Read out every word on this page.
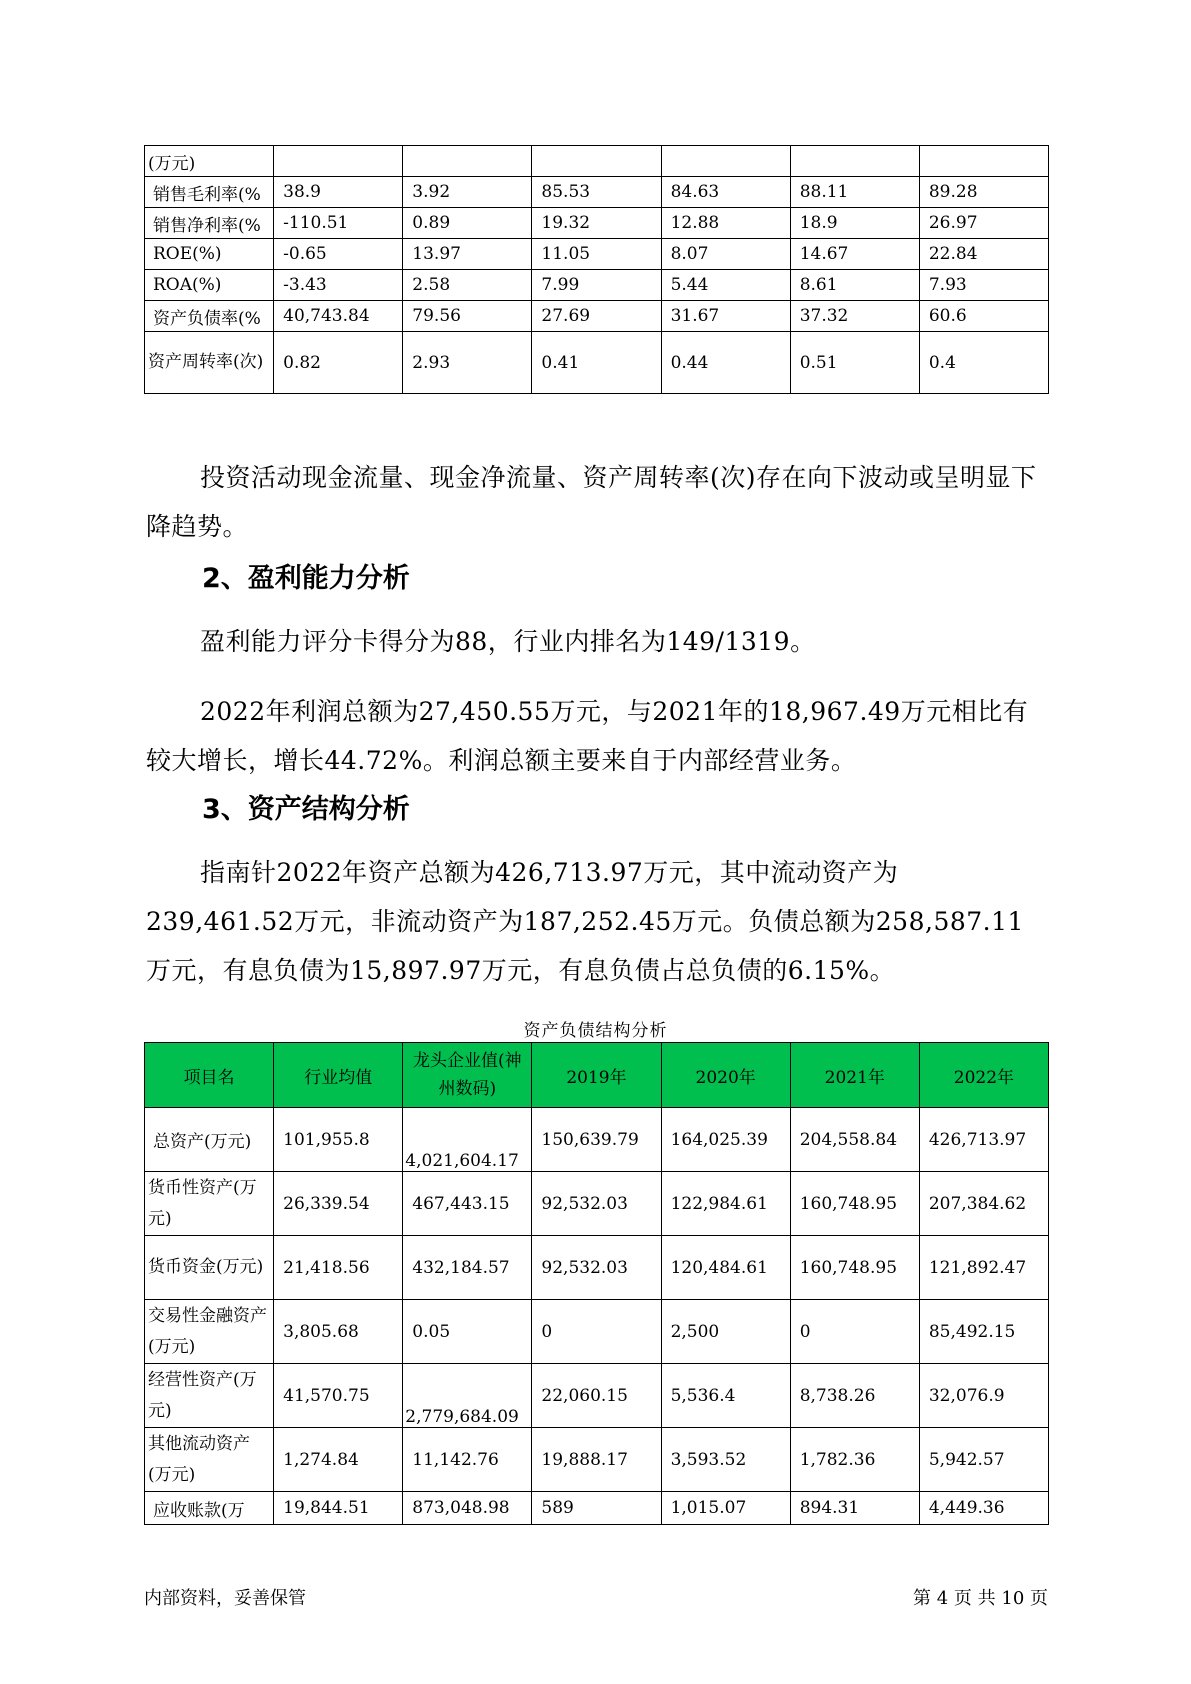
(万元)						
销售毛利率(%	38.9	3.92	85.53	84.63	88.11	89.28
销售净利率(%	-110.51	0.89	19.32	12.88	18.9	26.97
ROE(%)	-0.65	13.97	11.05	8.07	14.67	22.84
ROA(%)	-3.43	2.58	7.99	5.44	8.61	7.93
资产负债率(%	40,743.84	79.56	27.69	31.67	37.32	60.6
资产周转率(次)	0.82	2.93	0.41	0.44	0.51	0.4

投资活动现金流量、现金净流量、资产周转率(次)存在向下波动或呈明显下降趋势。

2、盈利能力分析

盈利能力评分卡得分为88，行业内排名为149/1319。

2022年利润总额为27,450.55万元，与2021年的18,967.49万元相比有较大增长，增长44.72%。利润总额主要来自于内部经营业务。

3、资产结构分析

指南针2022年资产总额为426,713.97万元，其中流动资产为239,461.52万元，非流动资产为187,252.45万元。负债总额为258,587.11万元，有息负债为15,897.97万元，有息负债占总负债的6.15%。

资产负债结构分析
项目名	行业均值	龙头企业值(神州数码)	2019年	2020年	2021年	2022年
总资产(万元)	101,955.8	4,021,604.17	150,639.79	164,025.39	204,558.84	426,713.97
货币性资产(万元)	26,339.54	467,443.15	92,532.03	122,984.61	160,748.95	207,384.62
货币资金(万元)	21,418.56	432,184.57	92,532.03	120,484.61	160,748.95	121,892.47
交易性金融资产(万元)	3,805.68	0.05	0	2,500	0	85,492.15
经营性资产(万元)	41,570.75	2,779,684.09	22,060.15	5,536.4	8,738.26	32,076.9
其他流动资产(万元)	1,274.84	11,142.76	19,888.17	3,593.52	1,782.36	5,942.57
应收账款(万	19,844.51	873,048.98	589	1,015.07	894.31	4,449.36
内部资料，妥善保管	第 4 页 共 10 页
